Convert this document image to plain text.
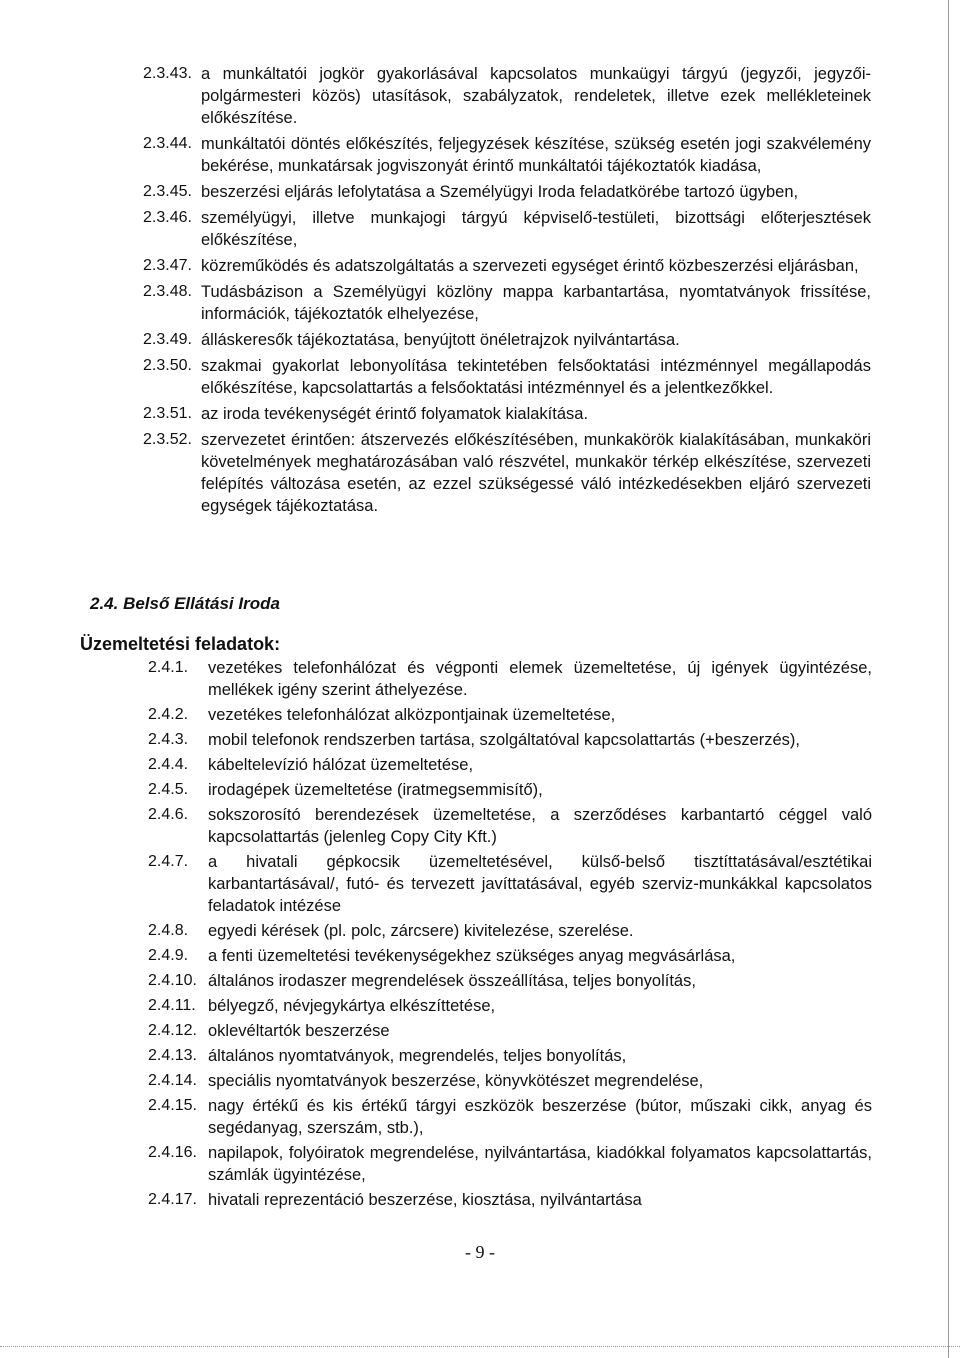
2.3.43. a munkáltatói jogkör gyakorlásával kapcsolatos munkaügyi tárgyú (jegyzői, jegyzői-polgármesteri közös) utasítások, szabályzatok, rendeletek, illetve ezek mellékleteinek előkészítése.
2.3.44. munkáltatói döntés előkészítés, feljegyzések készítése, szükség esetén jogi szakvélemény bekérése, munkatársak jogviszonyát érintő munkáltatói tájékoztatók kiadása,
2.3.45. beszerzési eljárás lefolytatása a Személyügyi Iroda feladatkörébe tartozó ügyben,
2.3.46. személyügyi, illetve munkajogi tárgyú képviselő-testületi, bizottsági előterjesztések előkészítése,
2.3.47. közreműködés és adatszolgáltatás a szervezeti egységet érintő közbeszerzési eljárásban,
2.3.48. Tudásbázison a Személyügyi közlöny mappa karbantartása, nyomtatványok frissítése, információk, tájékoztatók elhelyezése,
2.3.49. álláskeresők tájékoztatása, benyújtott önéletrajzok nyilvántartása.
2.3.50. szakmai gyakorlat lebonyolítása tekintetében felsőoktatási intézménnyel megállapodás előkészítése, kapcsolattartás a felsőoktatási intézménnyel és a jelentkezőkkel.
2.3.51. az iroda tevékenységét érintő folyamatok kialakítása.
2.3.52. szervezetet érintően: átszervezés előkészítésében, munkakörök kialakításában, munkaköri követelmények meghatározásában való részvétel, munkakör térkép elkészítése, szervezeti felépítés változása esetén, az ezzel szükségessé váló intézkedésekben eljáró szervezeti egységek tájékoztatása.
2.4. Belső Ellátási Iroda
Üzemeltetési feladatok:
2.4.1.	vezetékes telefonhálózat és végponti elemek üzemeltetése, új igények ügyintézése, mellékek igény szerint áthelyezése.
2.4.2.	vezetékes telefonhálózat alközpontjainak üzemeltetése,
2.4.3.	mobil telefonok rendszerben tartása, szolgáltatóval kapcsolattartás (+beszerzés),
2.4.4.	kábeltelevízió hálózat üzemeltetése,
2.4.5.	irodagépek üzemeltetése (iratmegsemmisítő),
2.4.6.	sokszorosító berendezések üzemeltetése, a szerződéses karbantartó céggel való kapcsolattartás (jelenleg Copy City Kft.)
2.4.7.	a hivatali gépkocsik üzemeltetésével, külső-belső tisztíttatásával/esztétikai karbantartásával/, futó- és tervezett javíttatásával, egyéb szerviz-munkákkal kapcsolatos feladatok intézése
2.4.8.	egyedi kérések (pl. polc, zárcsere) kivitelezése, szerelése.
2.4.9.	a fenti üzemeltetési tevékenységekhez szükséges anyag megvásárlása,
2.4.10. általános irodaszer megrendelések összeállítása, teljes bonyolítás,
2.4.11. bélyegző, névjegykártya elkészíttetése,
2.4.12. oklevéltartók beszerzése
2.4.13. általános nyomtatványok, megrendelés, teljes bonyolítás,
2.4.14. speciális nyomtatványok beszerzése, könyvkötészet megrendelése,
2.4.15. nagy értékű és kis értékű tárgyi eszközök beszerzése (bútor, műszaki cikk, anyag és segédanyag, szerszám, stb.),
2.4.16. napilapok, folyóiratok megrendelése, nyilvántartása, kiadókkal folyamatos kapcsolattartás, számlák ügyintézése,
2.4.17. hivatali reprezentáció beszerzése, kiosztása, nyilvántartása
- 9 -
